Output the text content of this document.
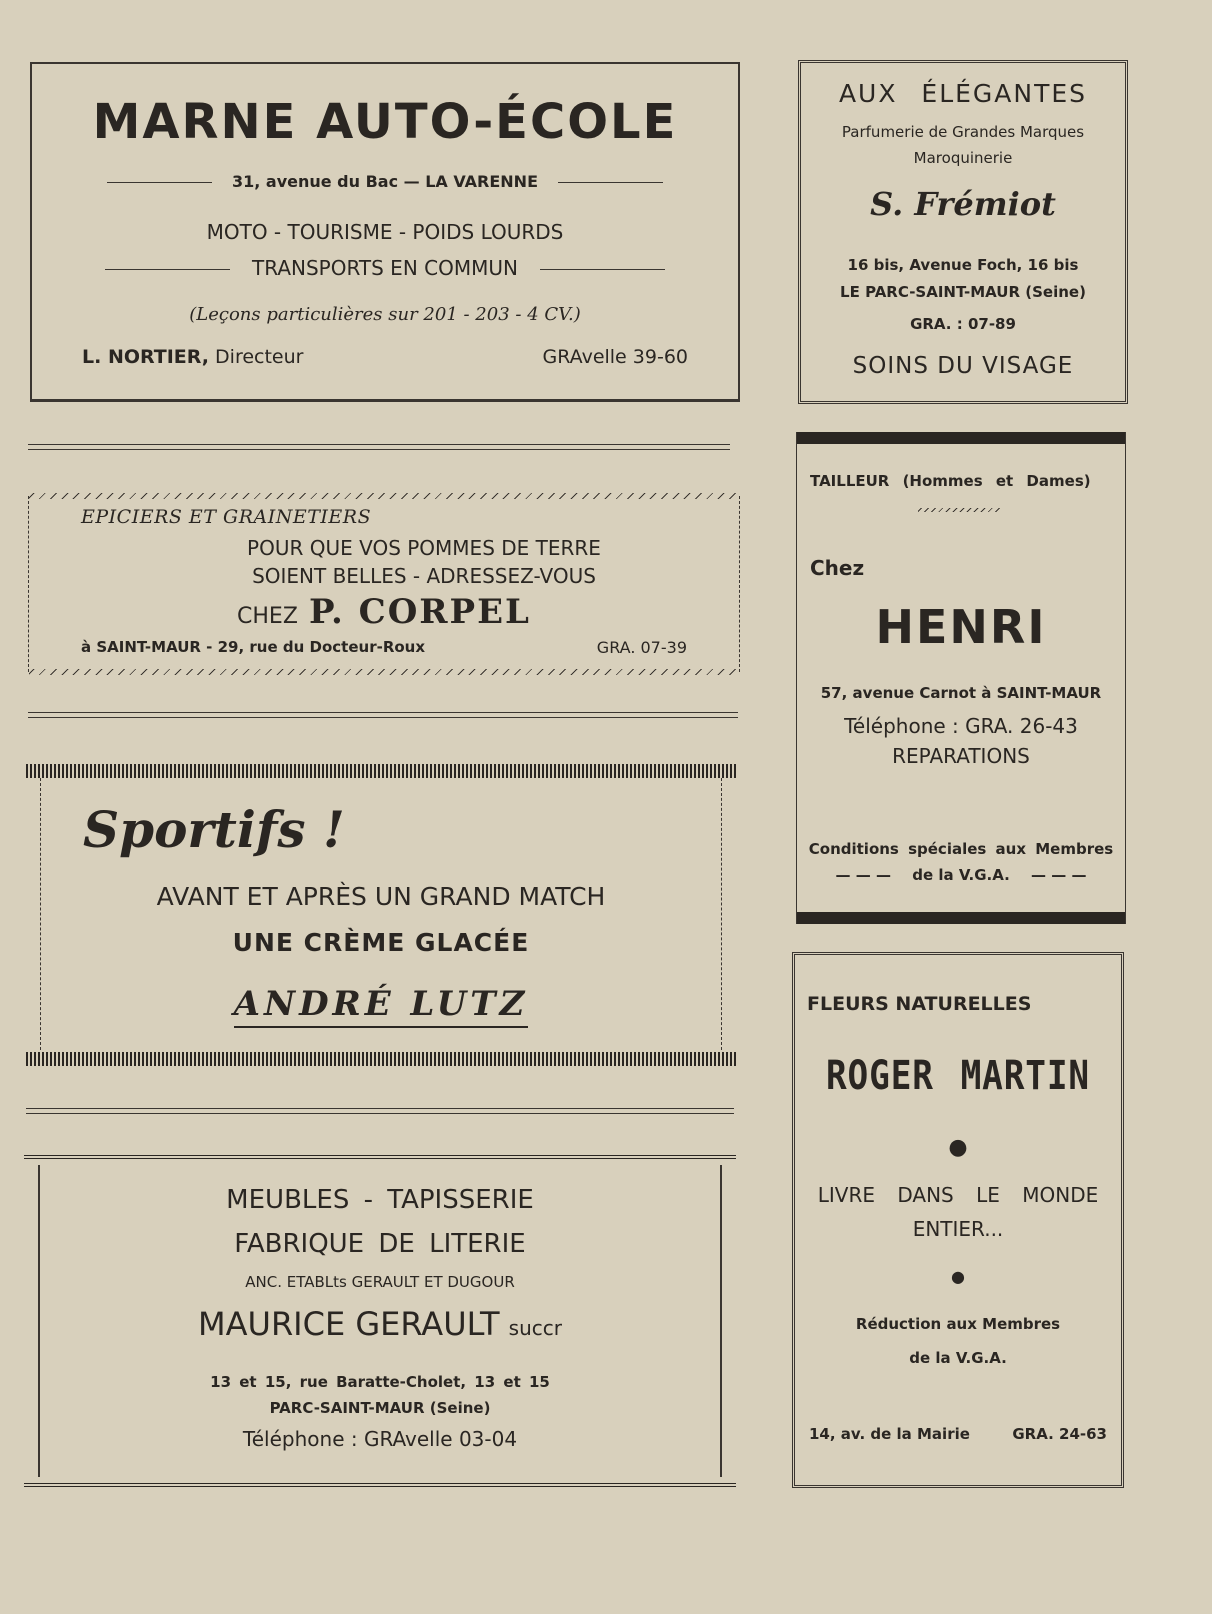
MARNE AUTO-ÉCOLE
31, avenue du Bac — LA VARENNE
MOTO - TOURISME - POIDS LOURDS
TRANSPORTS EN COMMUN
(Leçons particulières sur 201 - 203 - 4 CV.)
L. NORTIER, Directeur	GRAvelle 39-60
AUX ÉLÉGANTES
Parfumerie de Grandes Marques
Maroquinerie
S. Frémiot
16 bis, Avenue Foch, 16 bis
LE PARC-SAINT-MAUR (Seine)
GRA. : 07-89
SOINS DU VISAGE
EPICIERS ET GRAINETIERS
POUR QUE VOS POMMES DE TERRE
SOIENT BELLES - ADRESSEZ-VOUS
CHEZ P. CORPEL
à SAINT-MAUR - 29, rue du Docteur-Roux	GRA. 07-39
TAILLEUR (Hommes et Dames)
Chez
HENRI
57, avenue Carnot à SAINT-MAUR
Téléphone : GRA. 26-43
REPARATIONS
Conditions spéciales aux Membres
— — — de la V.G.A. — — —
Sportifs !
AVANT ET APRÈS UN GRAND MATCH
UNE CRÈME GLACÉE
ANDRÉ LUTZ	FLEURS NATURELLES
ROGER MARTIN
●
LIVRE DANS LE MONDE
ENTIER...
●
Réduction aux Membres
de la V.G.A.
14, av. de la Mairie	GRA. 24-63
MEUBLES - TAPISSERIE
FABRIQUE DE LITERIE
ANC. ETABLts GERAULT ET DUGOUR
MAURICE GERAULT succr
13 et 15, rue Baratte-Cholet, 13 et 15
PARC-SAINT-MAUR (Seine)
Téléphone : GRAvelle 03-04
